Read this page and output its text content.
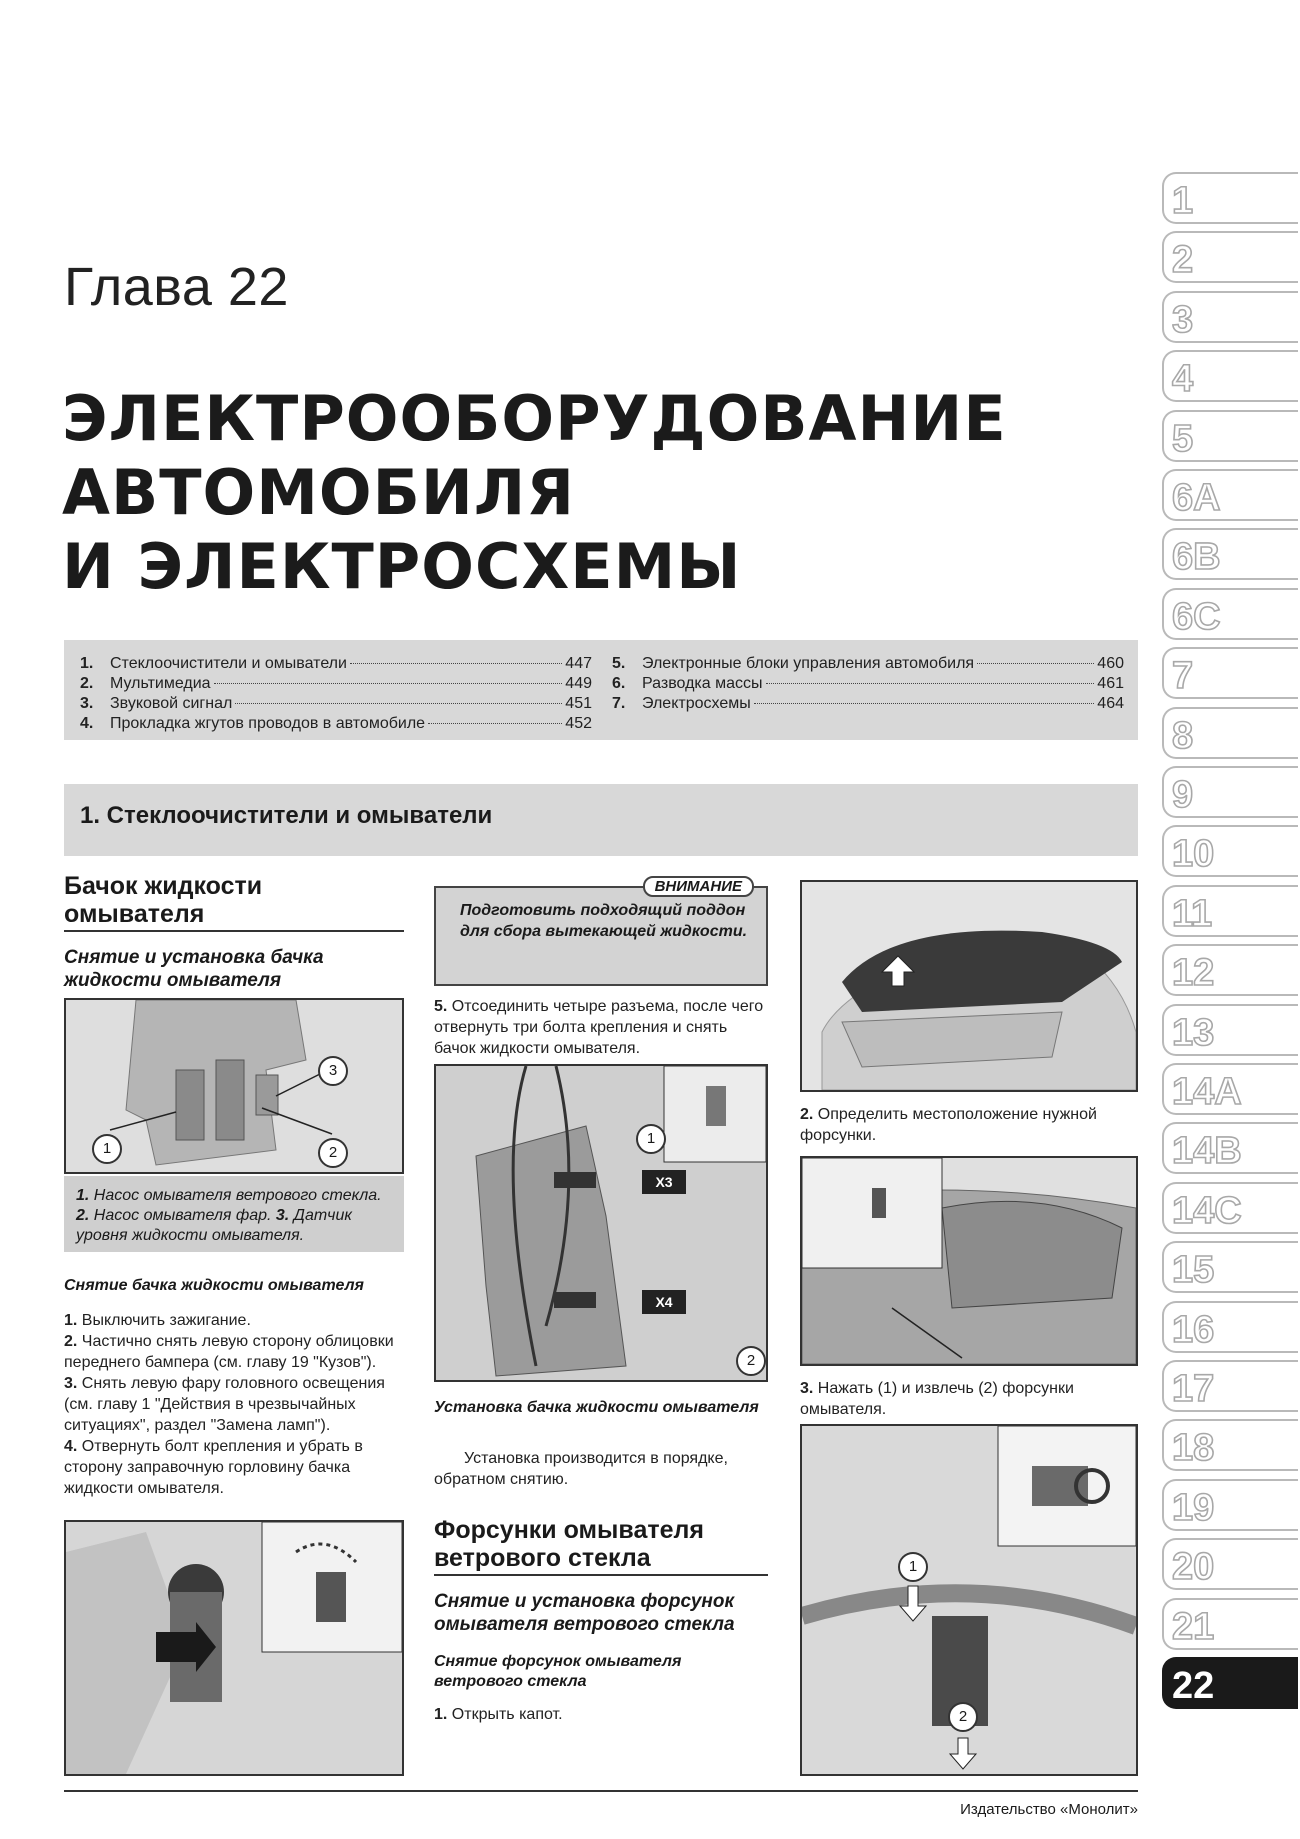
Глава 22
ЭЛЕКТРООБОРУДОВАНИЕ
АВТОМОБИЛЯ
И ЭЛЕКТРОСХЕМЫ
1.	Стеклоочистители и омыватели	447
2.	Мультимедиа	449
3.	Звуковой сигнал	451
4.	Прокладка жгутов проводов в автомобиле	452
5.	Электронные блоки управления автомобиля	460
6.	Разводка массы	461
7.	Электросхемы	464
1. Стеклоочистители и омыватели
Бачок жидкости омывателя
Снятие и установка бачка жидкости омывателя
1	2
3
1. Насос омывателя ветрового стекла. 2. Насос омывателя фар. 3. Датчик уровня жидкости омывателя.
Снятие бачка жидкости омывателя
1. Выключить зажигание.
2. Частично снять левую сторону облицовки переднего бампера (см. главу 19 "Кузов").
3. Снять левую фару головного освещения (см. главу 1 "Действия в чрезвычайных ситуациях", раздел "Замена ламп").
4. Отвернуть болт крепления и убрать в сторону заправочную горловину бачка жидкости омывателя.
ВНИМАНИЕ
Подготовить подходящий поддон для сбора вытекающей жидкости.
5. Отсоединить четыре разъема, после чего отвернуть три болта крепления и снять бачок жидкости омывателя.
X3
X4
1
2
Установка бачка жидкости омывателя
Установка производится в порядке, обратном снятию.
Форсунки омывателя ветрового стекла
Снятие и установка форсунок омывателя ветрового стекла
Снятие форсунок омывателя ветрового стекла
1. Открыть капот.
2. Определить местоположение нужной форсунки.
3. Нажать (1) и извлечь (2) форсунки омывателя.
1
2
1
2
3
4
5
6A
6B
6C
7
8
9
10
11
12
13
14A
14B
14C
15
16
17
18
19
20
21
22
Издательство «Монолит»
